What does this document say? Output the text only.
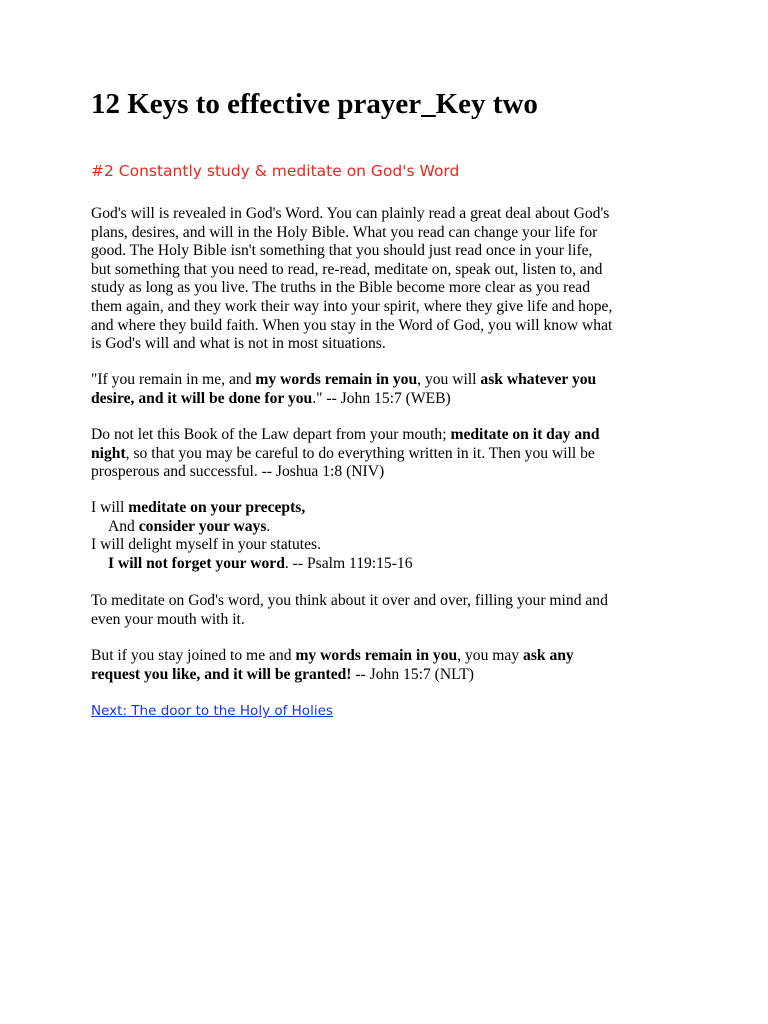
12 Keys to effective prayer_Key two
#2 Constantly study & meditate on God's Word
God's will is revealed in God's Word. You can plainly read a great deal about God's
plans, desires, and will in the Holy Bible. What you read can change your life for
good. The Holy Bible isn't something that you should just read once in your life,
but something that you need to read, re-read, meditate on, speak out, listen to, and
study as long as you live. The truths in the Bible become more clear as you read
them again, and they work their way into your spirit, where they give life and hope,
and where they build faith. When you stay in the Word of God, you will know what
is God's will and what is not in most situations.
"If you remain in me, and my words remain in you, you will ask whatever you
desire, and it will be done for you." -- John 15:7 (WEB)
Do not let this Book of the Law depart from your mouth; meditate on it day and
night, so that you may be careful to do everything written in it. Then you will be
prosperous and successful. -- Joshua 1:8 (NIV)
I will meditate on your precepts,
And consider your ways.
I will delight myself in your statutes.
I will not forget your word. -- Psalm 119:15-16
To meditate on God's word, you think about it over and over, filling your mind and
even your mouth with it.
But if you stay joined to me and my words remain in you, you may ask any
request you like, and it will be granted! -- John 15:7 (NLT)
Next: The door to the Holy of Holies
